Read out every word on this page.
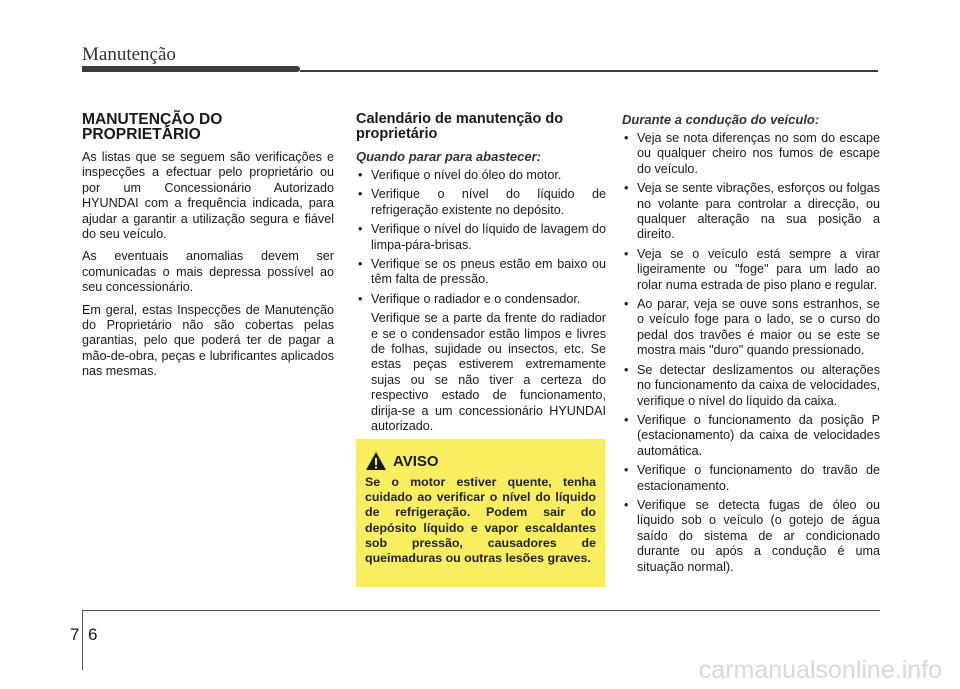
Manutenção
MANUTENÇÃO DO PROPRIETÁRIO

As listas que se seguem são verificações e inspecções a efectuar pelo proprietário ou por um Concessionário Autorizado HYUNDAI com a frequência indicada, para ajudar a garantir a utilização segura e fiável do seu veículo.

As eventuais anomalias devem ser comunicadas o mais depressa possível ao seu concessionário.

Em geral, estas Inspecções de Manutenção do Proprietário não são cobertas pelas garantias, pelo que poderá ter de pagar a mão-de-obra, peças e lubrificantes aplicados nas mesmas.

Calendário de manutenção do proprietário
Quando parar para abastecer:
• Verifique o nível do óleo do motor.
• Verifique o nível do líquido de refrigeração existente no depósito.
• Verifique o nível do líquido de lavagem do limpa-pára-brisas.
• Verifique se os pneus estão em baixo ou têm falta de pressão.
• Verifique o radiador e o condensador.

Verifique se a parte da frente do radiador e se o condensador estão limpos e livres de folhas, sujidade ou insectos, etc. Se estas peças estiverem extremamente sujas ou se não tiver a certeza do respectivo estado de funcionamento, dirija-se a um concessionário HYUNDAI autorizado.

AVISO
Se o motor estiver quente, tenha cuidado ao verificar o nível do líquido de refrigeração. Podem sair do depósito líquido e vapor escaldantes sob pressão, causadores de queimaduras ou outras lesões graves.
Durante a condução do veículo:
• Veja se nota diferenças no som do escape ou qualquer cheiro nos fumos de escape do veículo.
• Veja se sente vibrações, esforços ou folgas no volante para controlar a direcção, ou qualquer alteração na sua posição a direito.
• Veja se o veículo está sempre a virar ligeiramente ou "foge" para um lado ao rolar numa estrada de piso plano e regular.
• Ao parar, veja se ouve sons estranhos, se o veículo foge para o lado, se o curso do pedal dos travões é maior ou se este se mostra mais "duro" quando pressionado.
• Se detectar deslizamentos ou alterações no funcionamento da caixa de velocidades, verifique o nível do líquido da caixa.
• Verifique o funcionamento da posição P (estacionamento) da caixa de velocidades automática.
• Verifique o funcionamento do travão de estacionamento.
• Verifique se detecta fugas de óleo ou líquido sob o veículo (o gotejo de água saído do sistema de ar condicionado durante ou após a condução é uma situação normal).
7 6
carmanualsonline.info
